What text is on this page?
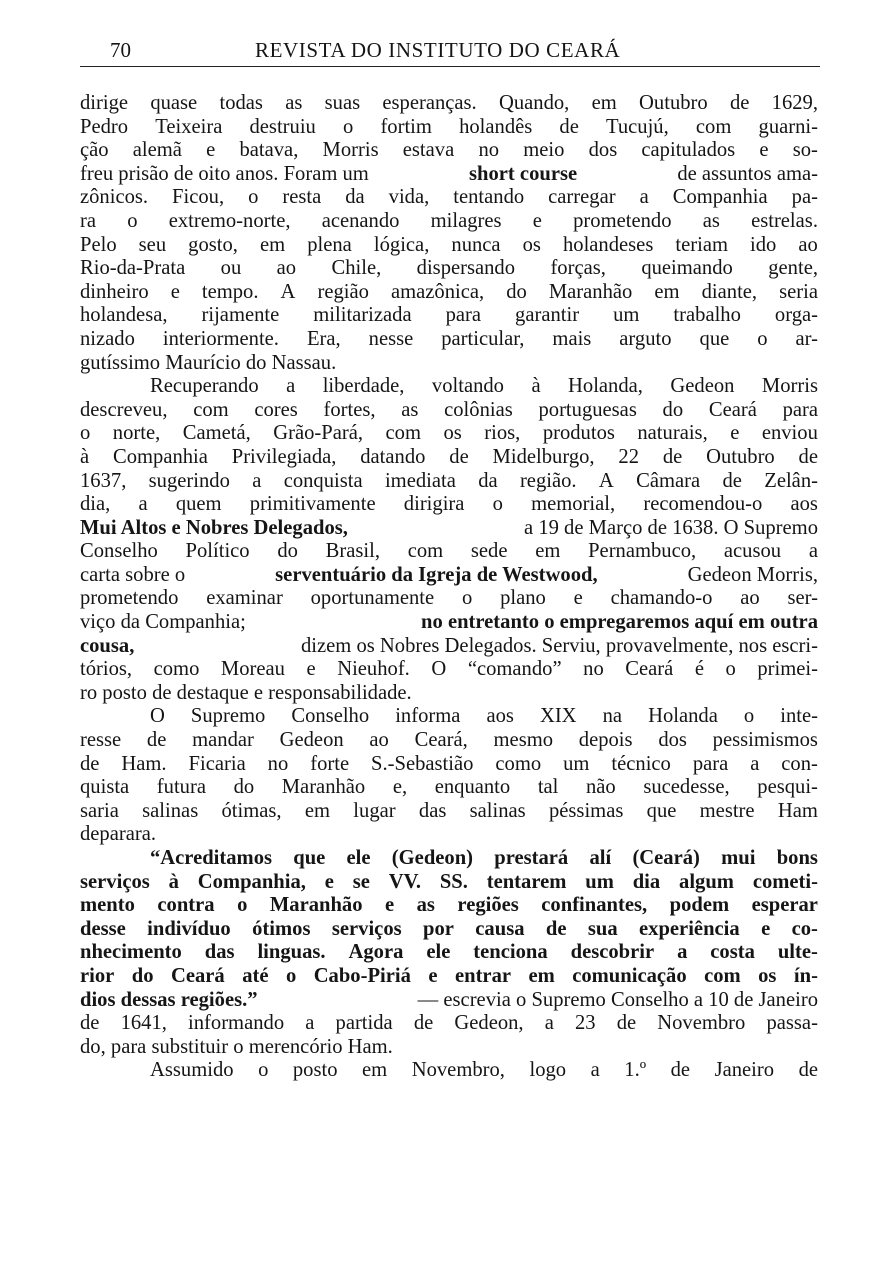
70	REVISTA DO INSTITUTO DO CEARÁ
dirige quase todas as suas esperanças. Quando, em Outubro de 1629,
Pedro Teixeira destruiu o fortim holandês de Tucujú, com guarni-
ção alemã e batava, Morris estava no meio dos capitulados e so-
freu prisão de oito anos. Foram um	short course	de assuntos ama-
zônicos. Ficou, o resta da vida, tentando carregar a Companhia pa-
ra o extremo-norte, acenando milagres e prometendo as estrelas.
Pelo seu gosto, em plena lógica, nunca os holandeses teriam ido ao
Rio-da-Prata ou ao Chile, dispersando forças, queimando gente,
dinheiro e tempo. A região amazônica, do Maranhão em diante, seria
holandesa, rijamente militarizada para garantir um trabalho orga-
nizado interiormente. Era, nesse particular, mais arguto que o ar-
gutíssimo Maurício do Nassau.
Recuperando a liberdade, voltando à Holanda, Gedeon Morris
descreveu, com cores fortes, as colônias portuguesas do Ceará para
o norte, Cametá, Grão-Pará, com os rios, produtos naturais, e enviou
à Companhia Privilegiada, datando de Midelburgo, 22 de Outubro de
1637, sugerindo a conquista imediata da região. A Câmara de Zelân-
dia, a quem primitivamente dirigira o memorial, recomendou-o aos
Mui Altos e Nobres Delegados,	a 19 de Março de 1638. O Supremo
Conselho Político do Brasil, com sede em Pernambuco, acusou a
carta sobre o	serventuário da Igreja de Westwood,	Gedeon Morris,
prometendo examinar oportunamente o plano e chamando-o ao ser-
viço da Companhia;	no entretanto o empregaremos aquí em outra
cousa,	dizem os Nobres Delegados. Serviu, provavelmente, nos escri-
tórios, como Moreau e Nieuhof. O “comando” no Ceará é o primei-
ro posto de destaque e responsabilidade.
O Supremo Conselho informa aos XIX na Holanda o inte-
resse de mandar Gedeon ao Ceará, mesmo depois dos pessimismos
de Ham. Ficaria no forte S.-Sebastião como um técnico para a con-
quista futura do Maranhão e, enquanto tal não sucedesse, pesqui-
saria salinas ótimas, em lugar das salinas péssimas que mestre Ham
deparara.
“Acreditamos que ele (Gedeon) prestará alí (Ceará) mui bons
serviços à Companhia, e se VV. SS. tentarem um dia algum cometi-
mento contra o Maranhão e as regiões confinantes, podem esperar
desse indivíduo ótimos serviços por causa de sua experiência e co-
nhecimento das linguas. Agora ele tenciona descobrir a costa ulte-
rior do Ceará até o Cabo-Piriá e entrar em comunicação com os ín-
dios dessas regiões.”	— escrevia o Supremo Conselho a 10 de Janeiro
de 1641, informando a partida de Gedeon, a 23 de Novembro passa-
do, para substituir o merencório Ham.
Assumido o posto em Novembro, logo a 1.º de Janeiro de
